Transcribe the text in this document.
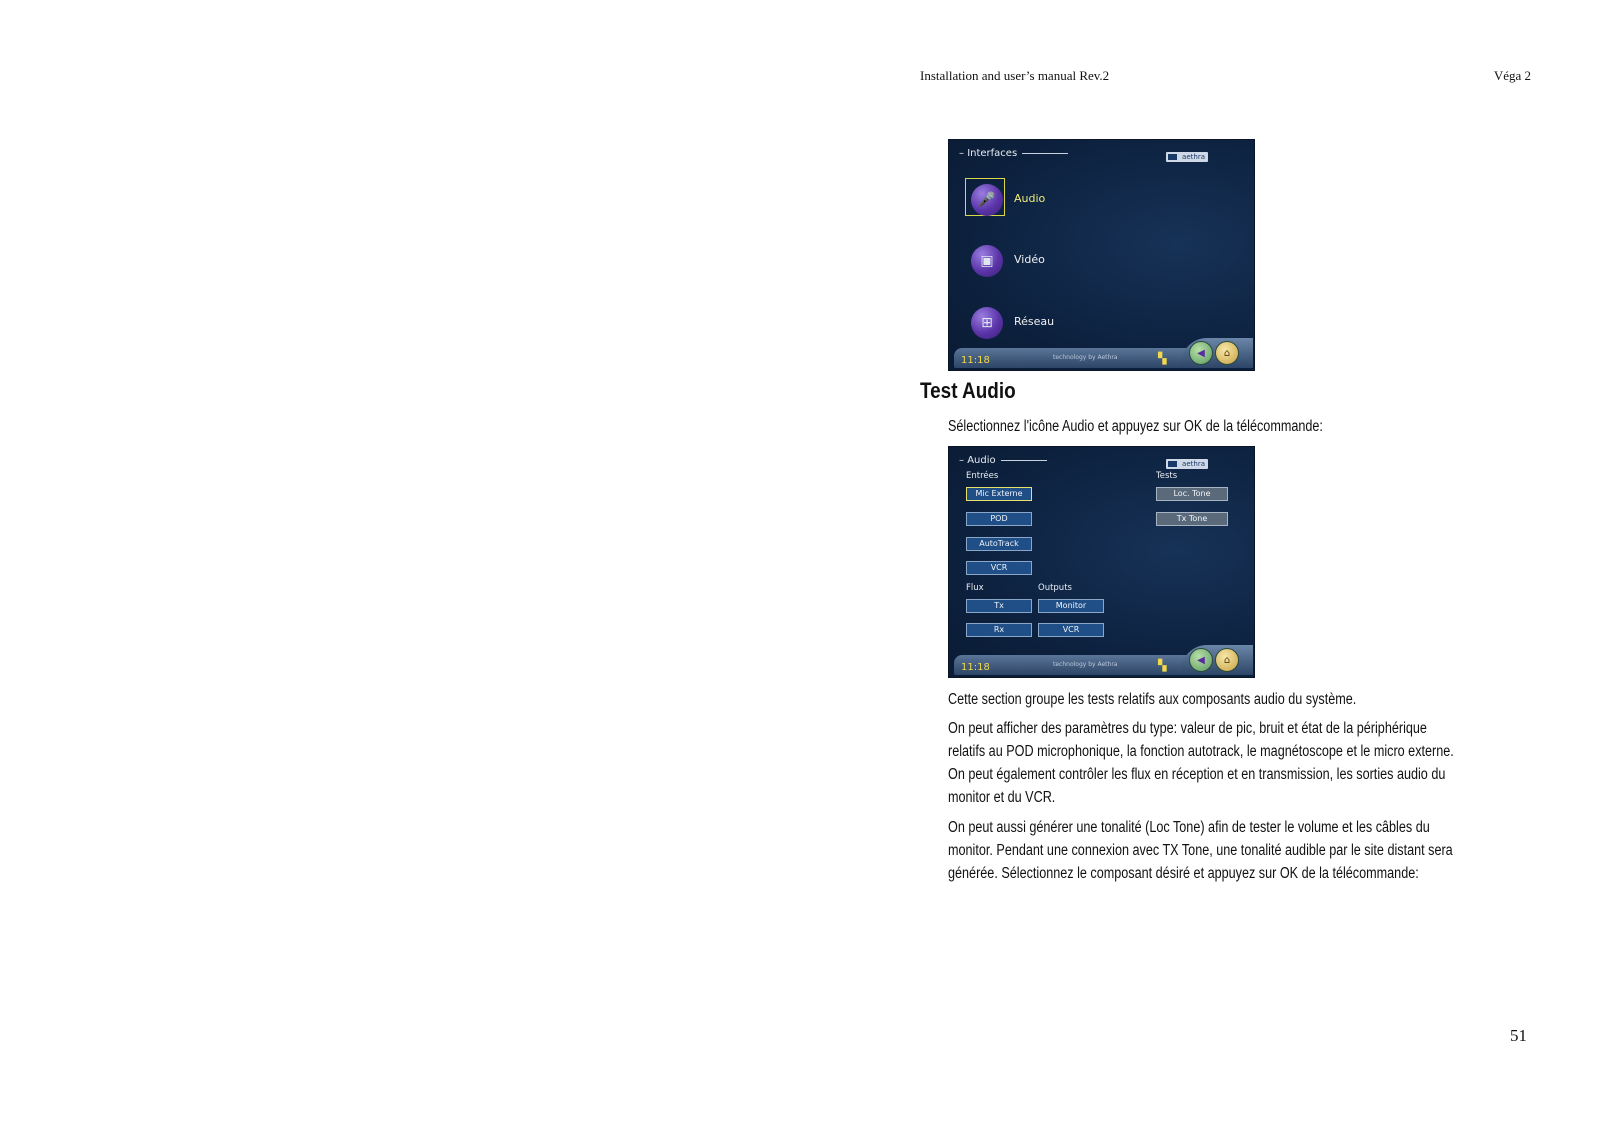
Installation and user’s manual Rev.2	Véga 2
– Interfaces	aethra
🎤	Audio
▣	Vidéo
⊞	Réseau
11:18	technology by Aethra	▚	◀	⌂
Test Audio
Sélectionnez l'icône Audio et appuyez sur OK de la télécommande:
– Audio	aethra
Entrées
Mic Externe
POD
AutoTrack
VCR
Tests
Loc. Tone
Tx Tone
Flux
Tx
Rx
Outputs
Monitor
VCR
11:18	technology by Aethra	▚	◀	⌂
Cette section groupe les tests relatifs aux composants audio du système.
On peut afficher des paramètres du type: valeur de pic, bruit et état de la périphérique
relatifs au POD microphonique, la fonction autotrack, le magnétoscope et le micro externe.
On peut également contrôler les flux en réception et en transmission, les sorties audio du
monitor et du VCR.
On peut aussi générer une tonalité (Loc Tone) afin de tester le volume et les câbles du
monitor. Pendant une connexion avec TX Tone, une tonalité audible par le site distant sera
générée. Sélectionnez le composant désiré et appuyez sur OK de la télécommande:
51
